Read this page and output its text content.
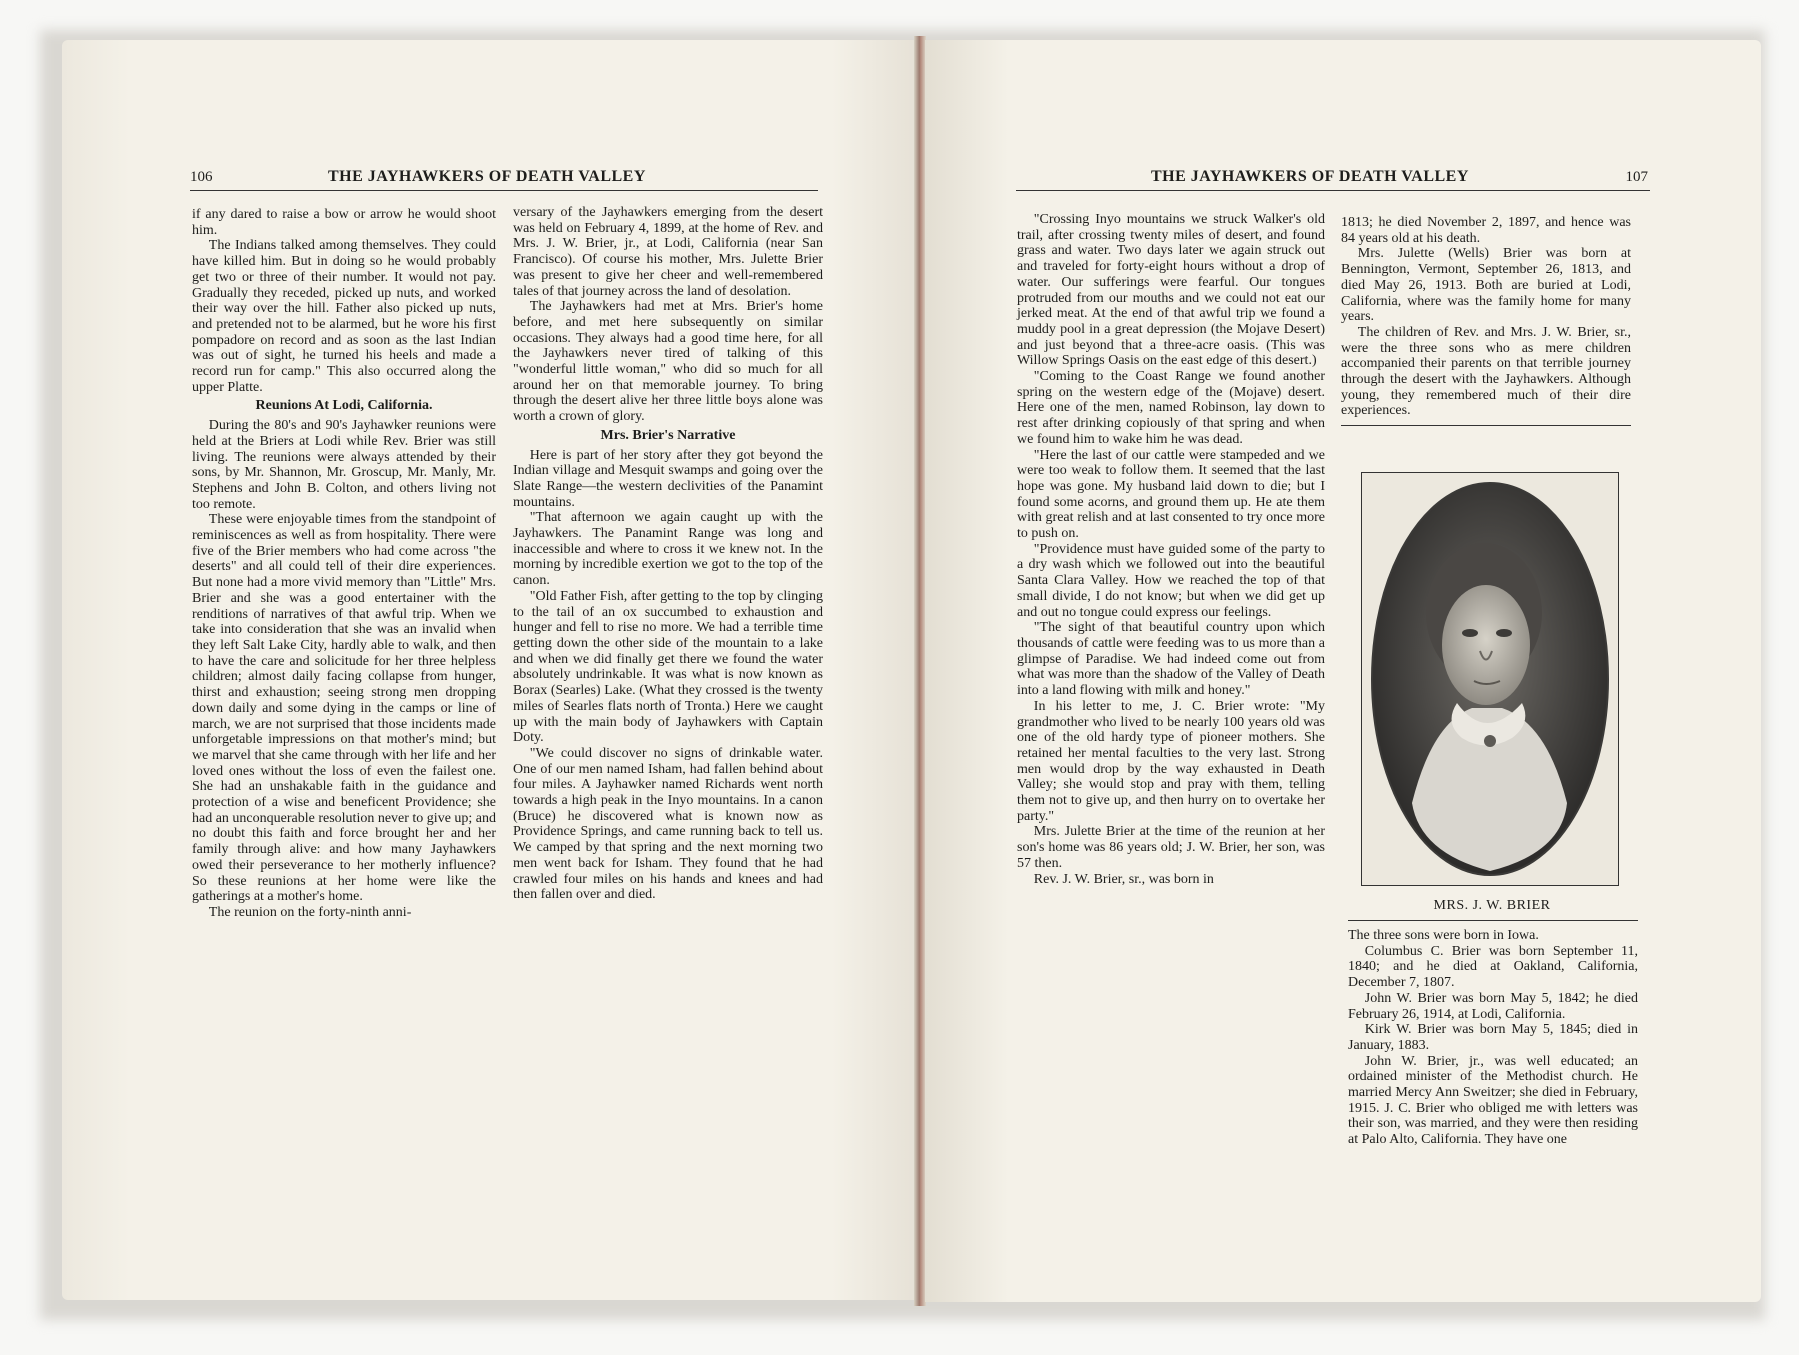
106	THE JAYHAWKERS OF DEATH VALLEY

if any dared to raise a bow or arrow he would shoot him.

The Indians talked among themselves. They could have killed him. But in doing so he would probably get two or three of their number. It would not pay. Gradually they receded, picked up nuts, and worked their way over the hill. Father also picked up nuts, and pretended not to be alarmed, but he wore his first pompadore on record and as soon as the last Indian was out of sight, he turned his heels and made a record run for camp." This also occurred along the upper Platte.

Reunions At Lodi, California.

During the 80's and 90's Jayhawker reunions were held at the Briers at Lodi while Rev. Brier was still living. The reunions were always attended by their sons, by Mr. Shannon, Mr. Groscup, Mr. Manly, Mr. Stephens and John B. Colton, and others living not too remote.

These were enjoyable times from the standpoint of reminiscences as well as from hospitality. There were five of the Brier members who had come across "the deserts" and all could tell of their dire experiences. But none had a more vivid memory than "Little" Mrs. Brier and she was a good entertainer with the renditions of narratives of that awful trip. When we take into consideration that she was an invalid when they left Salt Lake City, hardly able to walk, and then to have the care and solicitude for her three helpless children; almost daily facing collapse from hunger, thirst and exhaustion; seeing strong men dropping down daily and some dying in the camps or line of march, we are not surprised that those incidents made unforgetable impressions on that mother's mind; but we marvel that she came through with her life and her loved ones without the loss of even the failest one. She had an unshakable faith in the guidance and protection of a wise and beneficent Providence; she had an unconquerable resolution never to give up; and no doubt this faith and force brought her and her family through alive: and how many Jayhawkers owed their perseverance to her motherly influence? So these reunions at her home were like the gatherings at a mother's home.

The reunion on the forty-ninth anni-

versary of the Jayhawkers emerging from the desert was held on February 4, 1899, at the home of Rev. and Mrs. J. W. Brier, jr., at Lodi, California (near San Francisco). Of course his mother, Mrs. Julette Brier was present to give her cheer and well-remembered tales of that journey across the land of desolation.

The Jayhawkers had met at Mrs. Brier's home before, and met here subsequently on similar occasions. They always had a good time here, for all the Jayhawkers never tired of talking of this "wonderful little woman," who did so much for all around her on that memorable journey. To bring through the desert alive her three little boys alone was worth a crown of glory.

Mrs. Brier's Narrative

Here is part of her story after they got beyond the Indian village and Mesquit swamps and going over the Slate Range—the western declivities of the Panamint mountains.

"That afternoon we again caught up with the Jayhawkers. The Panamint Range was long and inaccessible and where to cross it we knew not. In the morning by incredible exertion we got to the top of the canon.

"Old Father Fish, after getting to the top by clinging to the tail of an ox succumbed to exhaustion and hunger and fell to rise no more. We had a terrible time getting down the other side of the mountain to a lake and when we did finally get there we found the water absolutely undrinkable. It was what is now known as Borax (Searles) Lake. (What they crossed is the twenty miles of Searles flats north of Tronta.) Here we caught up with the main body of Jayhawkers with Captain Doty.

"We could discover no signs of drinkable water. One of our men named Isham, had fallen behind about four miles. A Jayhawker named Richards went north towards a high peak in the Inyo mountains. In a canon (Bruce) he discovered what is known now as Providence Springs, and came running back to tell us. We camped by that spring and the next morning two men went back for Isham. They found that he had crawled four miles on his hands and knees and had then fallen over and died.

THE JAYHAWKERS OF DEATH VALLEY	107

"Crossing Inyo mountains we struck Walker's old trail, after crossing twenty miles of desert, and found grass and water. Two days later we again struck out and traveled for forty-eight hours without a drop of water. Our sufferings were fearful. Our tongues protruded from our mouths and we could not eat our jerked meat. At the end of that awful trip we found a muddy pool in a great depression (the Mojave Desert) and just beyond that a three-acre oasis. (This was Willow Springs Oasis on the east edge of this desert.)

"Coming to the Coast Range we found another spring on the western edge of the (Mojave) desert. Here one of the men, named Robinson, lay down to rest after drinking copiously of that spring and when we found him to wake him he was dead.

"Here the last of our cattle were stampeded and we were too weak to follow them. It seemed that the last hope was gone. My husband laid down to die; but I found some acorns, and ground them up. He ate them with great relish and at last consented to try once more to push on.

"Providence must have guided some of the party to a dry wash which we followed out into the beautiful Santa Clara Valley. How we reached the top of that small divide, I do not know; but when we did get up and out no tongue could express our feelings.

"The sight of that beautiful country upon which thousands of cattle were feeding was to us more than a glimpse of Paradise. We had indeed come out from what was more than the shadow of the Valley of Death into a land flowing with milk and honey."

In his letter to me, J. C. Brier wrote: "My grandmother who lived to be nearly 100 years old was one of the old hardy type of pioneer mothers. She retained her mental faculties to the very last. Strong men would drop by the way exhausted in Death Valley; she would stop and pray with them, telling them not to give up, and then hurry on to overtake her party."

Mrs. Julette Brier at the time of the reunion at her son's home was 86 years old; J. W. Brier, her son, was 57 then.

Rev. J. W. Brier, sr., was born in

1813; he died November 2, 1897, and hence was 84 years old at his death.

Mrs. Julette (Wells) Brier was born at Bennington, Vermont, September 26, 1813, and died May 26, 1913. Both are buried at Lodi, California, where was the family home for many years.

The children of Rev. and Mrs. J. W. Brier, sr., were the three sons who as mere children accompanied their parents on that terrible journey through the desert with the Jayhawkers. Although young, they remembered much of their dire experiences.

MRS. J. W. BRIER

The three sons were born in Iowa.

Columbus C. Brier was born September 11, 1840; and he died at Oakland, California, December 7, 1807.

John W. Brier was born May 5, 1842; he died February 26, 1914, at Lodi, California.

Kirk W. Brier was born May 5, 1845; died in January, 1883.

John W. Brier, jr., was well educated; an ordained minister of the Methodist church. He married Mercy Ann Sweitzer; she died in February, 1915. J. C. Brier who obliged me with letters was their son, was married, and they were then residing at Palo Alto, California. They have one
